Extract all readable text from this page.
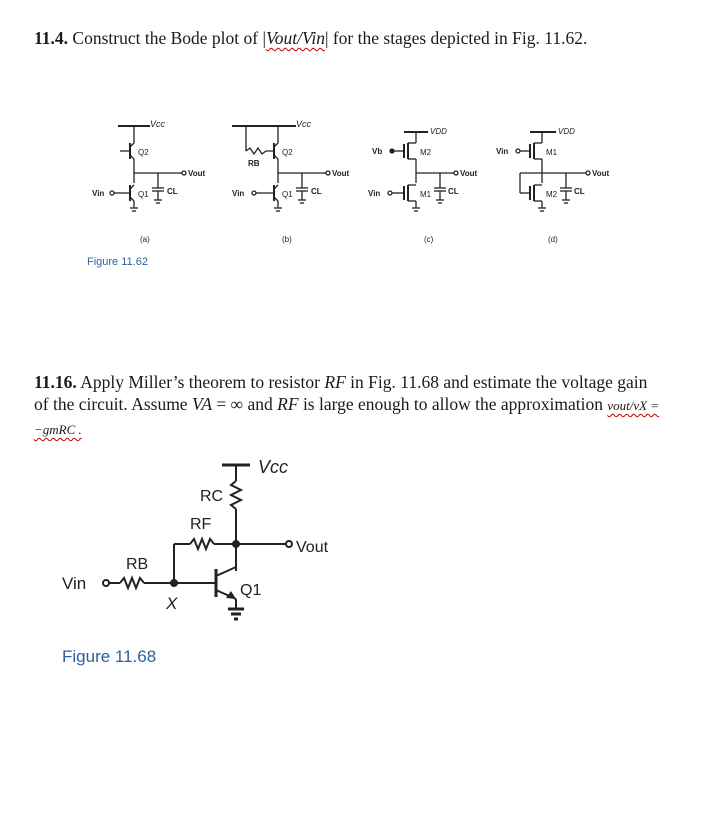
11.4. Construct the Bode plot of |Vout/Vin| for the stages depicted in Fig. 11.62.
Vcc
Q2
Vout
CL
Vin	Q1
(a)
Vcc
RB
Q2
Vout
CL
Vin	Q1
(b)
VDD
Vb	M2
Vout
CL
Vin	M1
(c)
VDD
Vin	M1
Vout
CL
M2
(d)
Figure 11.62
11.16. Apply Miller’s theorem to resistor RF in Fig. 11.68 and estimate the voltage gain of the circuit. Assume VA = ∞ and RF is large enough to allow the approximation vout/vX = −gmRC .
Vcc
RC
Vout
RF
X
Vin
RB
Q1
Figure 11.68
